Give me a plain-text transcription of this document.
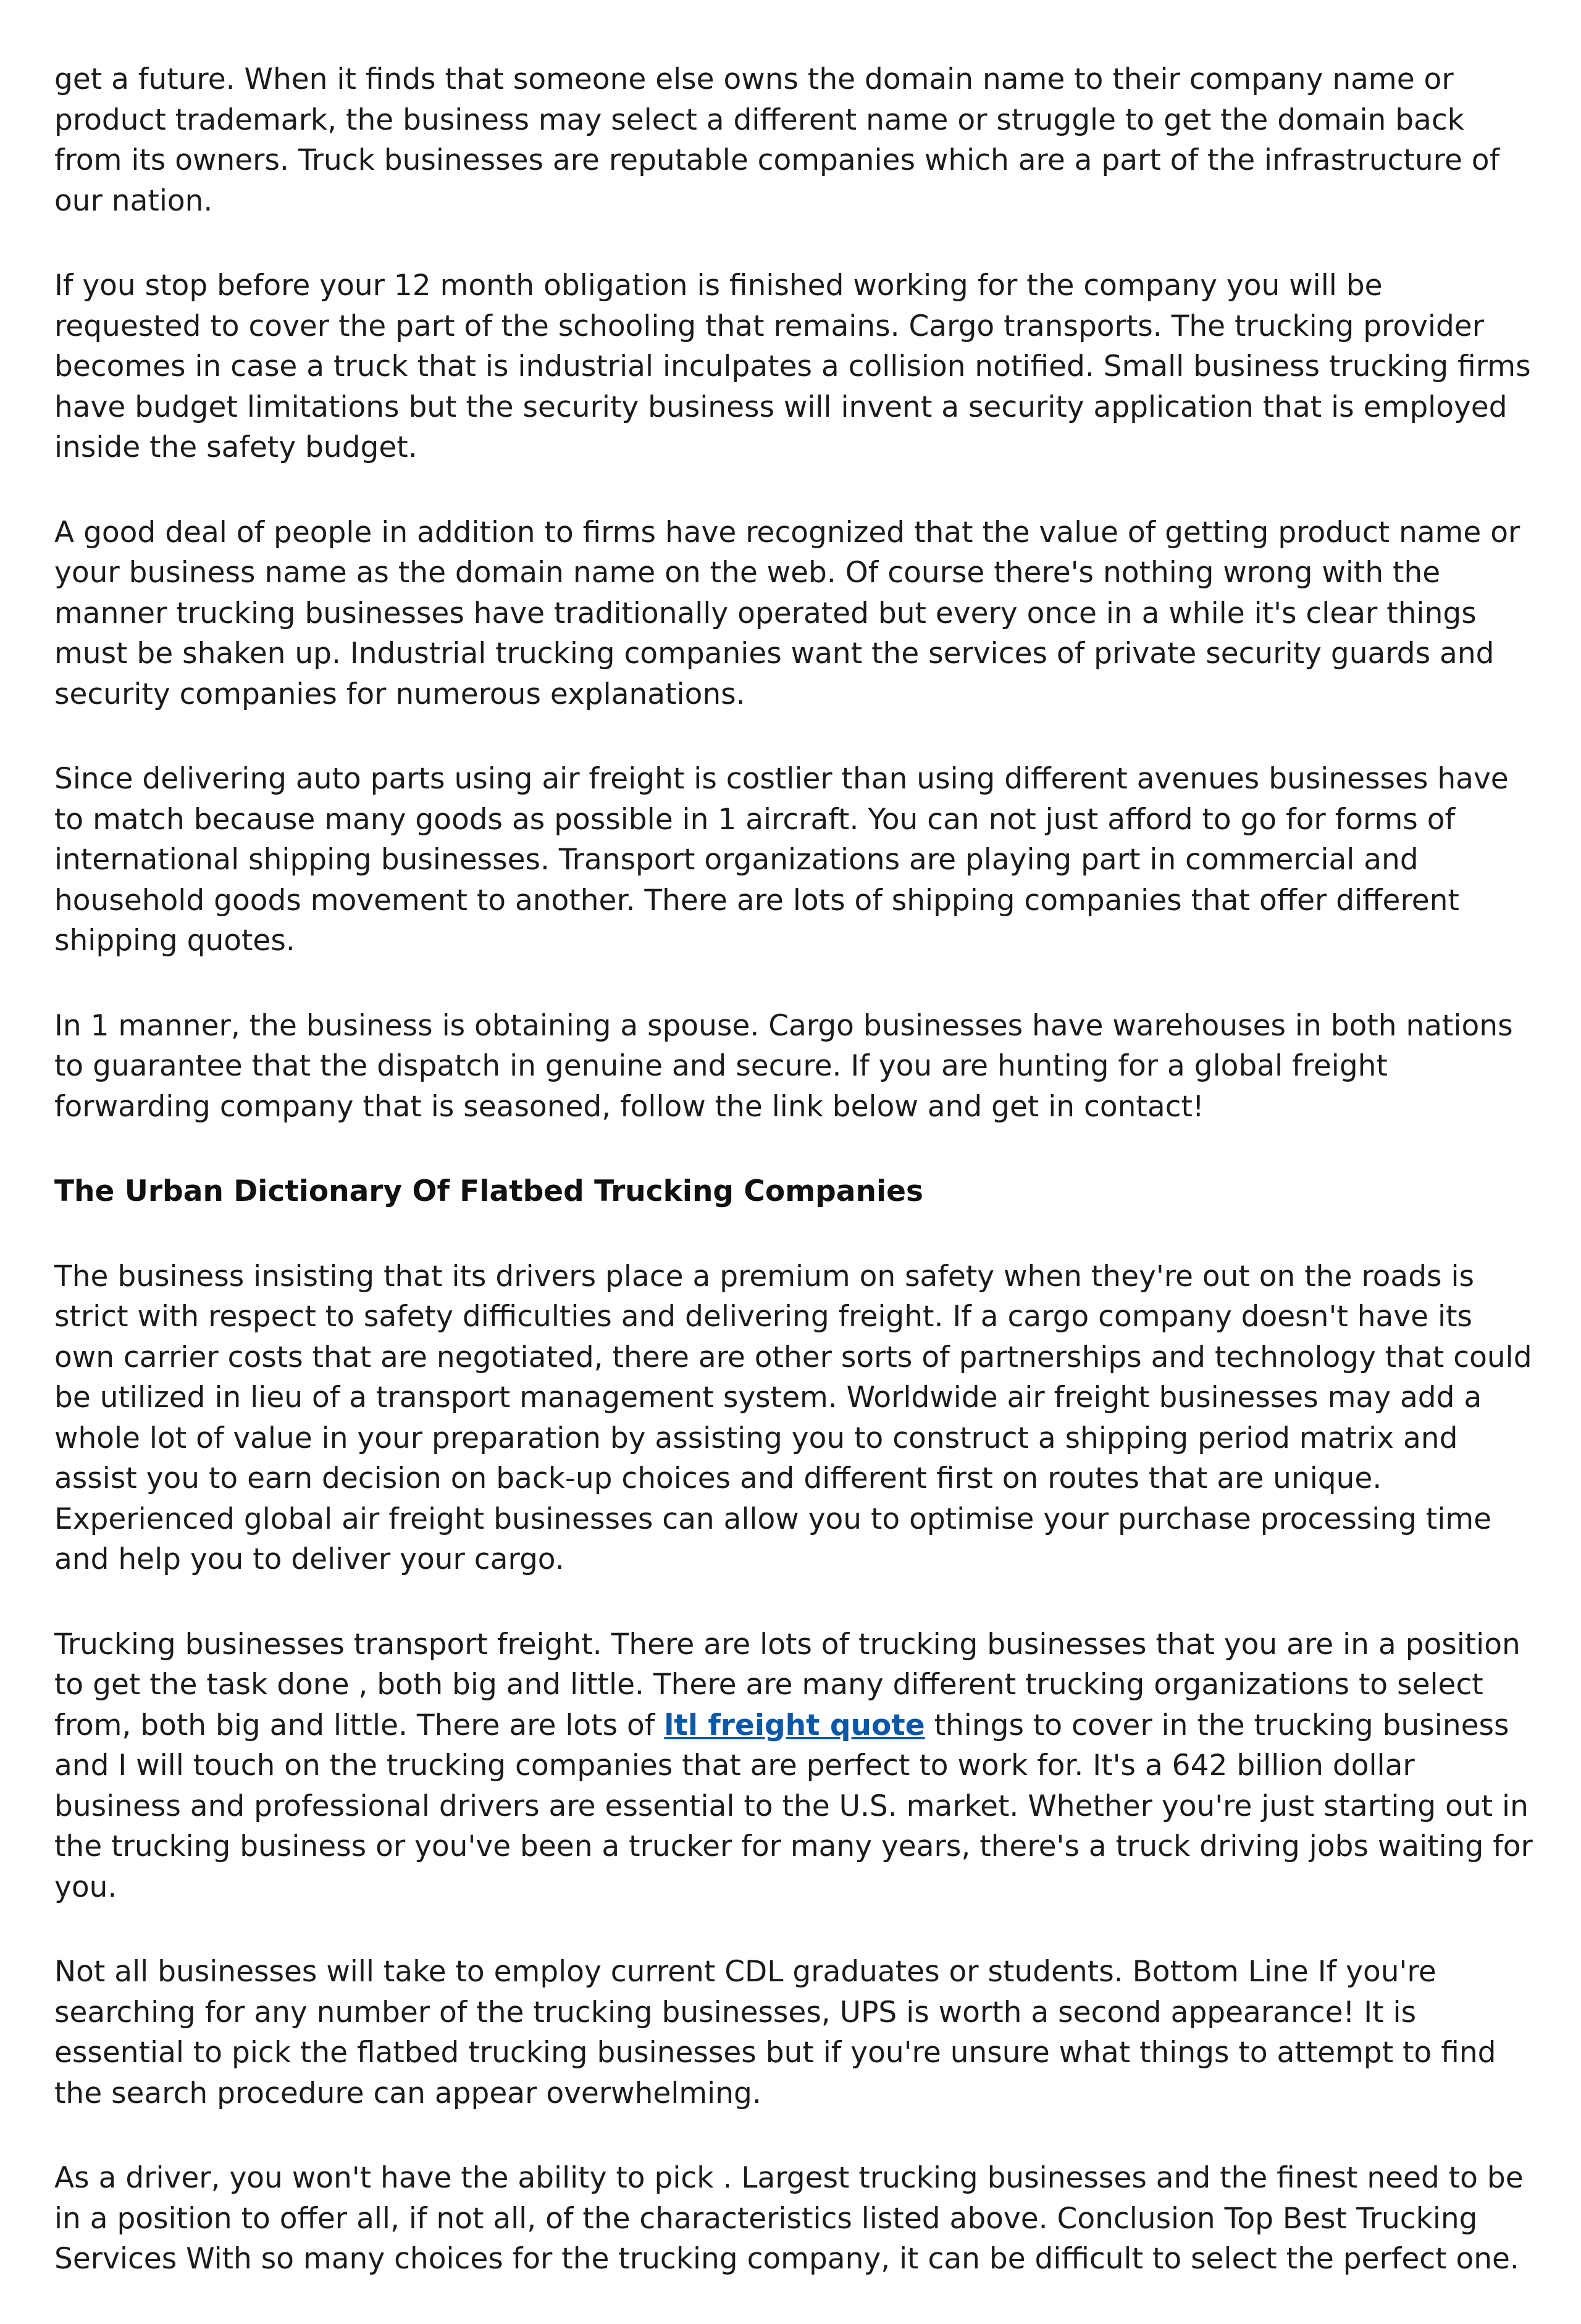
get a future. When it finds that someone else owns the domain name to their company name or product trademark, the business may select a different name or struggle to get the domain back from its owners. Truck businesses are reputable companies which are a part of the infrastructure of our nation.

If you stop before your 12 month obligation is finished working for the company you will be requested to cover the part of the schooling that remains. Cargo transports. The trucking provider becomes in case a truck that is industrial inculpates a collision notified. Small business trucking firms have budget limitations but the security business will invent a security application that is employed inside the safety budget.

A good deal of people in addition to firms have recognized that the value of getting product name or your business name as the domain name on the web. Of course there's nothing wrong with the manner trucking businesses have traditionally operated but every once in a while it's clear things must be shaken up. Industrial trucking companies want the services of private security guards and security companies for numerous explanations.

Since delivering auto parts using air freight is costlier than using different avenues businesses have to match because many goods as possible in 1 aircraft. You can not just afford to go for forms of international shipping businesses. Transport organizations are playing part in commercial and household goods movement to another. There are lots of shipping companies that offer different shipping quotes.

In 1 manner, the business is obtaining a spouse. Cargo businesses have warehouses in both nations to guarantee that the dispatch in genuine and secure. If you are hunting for a global freight forwarding company that is seasoned, follow the link below and get in contact!

The Urban Dictionary Of Flatbed Trucking Companies

The business insisting that its drivers place a premium on safety when they're out on the roads is strict with respect to safety difficulties and delivering freight. If a cargo company doesn't have its own carrier costs that are negotiated, there are other sorts of partnerships and technology that could be utilized in lieu of a transport management system. Worldwide air freight businesses may add a whole lot of value in your preparation by assisting you to construct a shipping period matrix and assist you to earn decision on back-up choices and different first on routes that are unique. Experienced global air freight businesses can allow you to optimise your purchase processing time and help you to deliver your cargo.

Trucking businesses transport freight. There are lots of trucking businesses that you are in a position to get the task done , both big and little. There are many different trucking organizations to select from, both big and little. There are lots of ltl freight quote things to cover in the trucking business and I will touch on the trucking companies that are perfect to work for. It's a 642 billion dollar business and professional drivers are essential to the U.S. market. Whether you're just starting out in the trucking business or you've been a trucker for many years, there's a truck driving jobs waiting for you.

Not all businesses will take to employ current CDL graduates or students. Bottom Line If you're searching for any number of the trucking businesses, UPS is worth a second appearance! It is essential to pick the flatbed trucking businesses but if you're unsure what things to attempt to find the search procedure can appear overwhelming.

As a driver, you won't have the ability to pick . Largest trucking businesses and the finest need to be in a position to offer all, if not all, of the characteristics listed above. Conclusion Top Best Trucking Services With so many choices for the trucking company, it can be difficult to select the perfect one.
